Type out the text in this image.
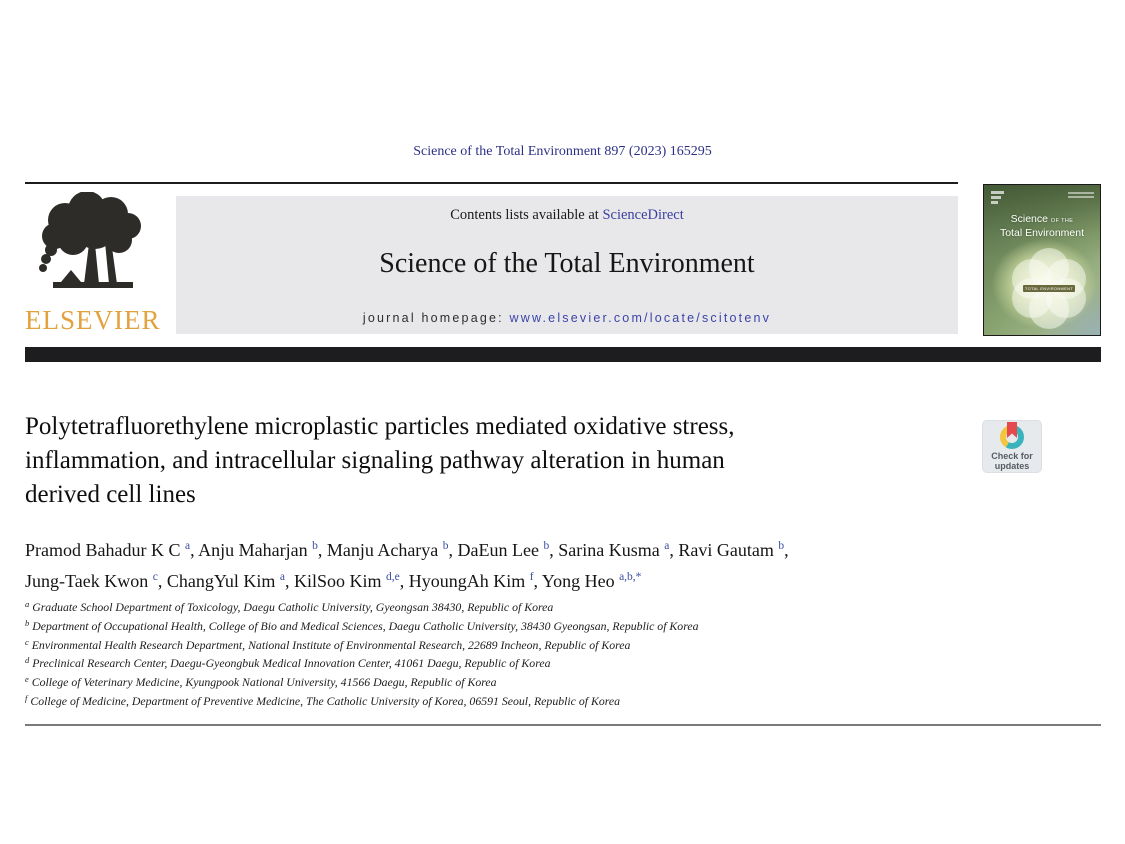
Science of the Total Environment 897 (2023) 165295
ELSEVIER
Contents lists available at ScienceDirect
Science of the Total Environment
journal homepage: www.elsevier.com/locate/scitotenv
Science OF THE
Total Environment
TOTAL ENVIRONMENT
Polytetrafluorethylene microplastic particles mediated oxidative stress,
inflammation, and intracellular signaling pathway alteration in human
derived cell lines
Check for
updates
Pramod Bahadur K C $^a$, Anju Maharjan $^b$, Manju Acharya $^b$, DaEun Lee $^b$, Sarina Kusma $^a$, Ravi Gautam $^b$,
Jung-Taek Kwon $^c$, ChangYul Kim $^a$, KilSoo Kim $^{d,e}$, HyoungAh Kim $^f$, Yong Heo $^{a,b,*}$
$^a$ Graduate School Department of Toxicology, Daegu Catholic University, Gyeongsan 38430, Republic of Korea
$^b$ Department of Occupational Health, College of Bio and Medical Sciences, Daegu Catholic University, 38430 Gyeongsan, Republic of Korea
$^c$ Environmental Health Research Department, National Institute of Environmental Research, 22689 Incheon, Republic of Korea
$^d$ Preclinical Research Center, Daegu-Gyeongbuk Medical Innovation Center, 41061 Daegu, Republic of Korea
$^e$ College of Veterinary Medicine, Kyungpook National University, 41566 Daegu, Republic of Korea
$^f$ College of Medicine, Department of Preventive Medicine, The Catholic University of Korea, 06591 Seoul, Republic of Korea
